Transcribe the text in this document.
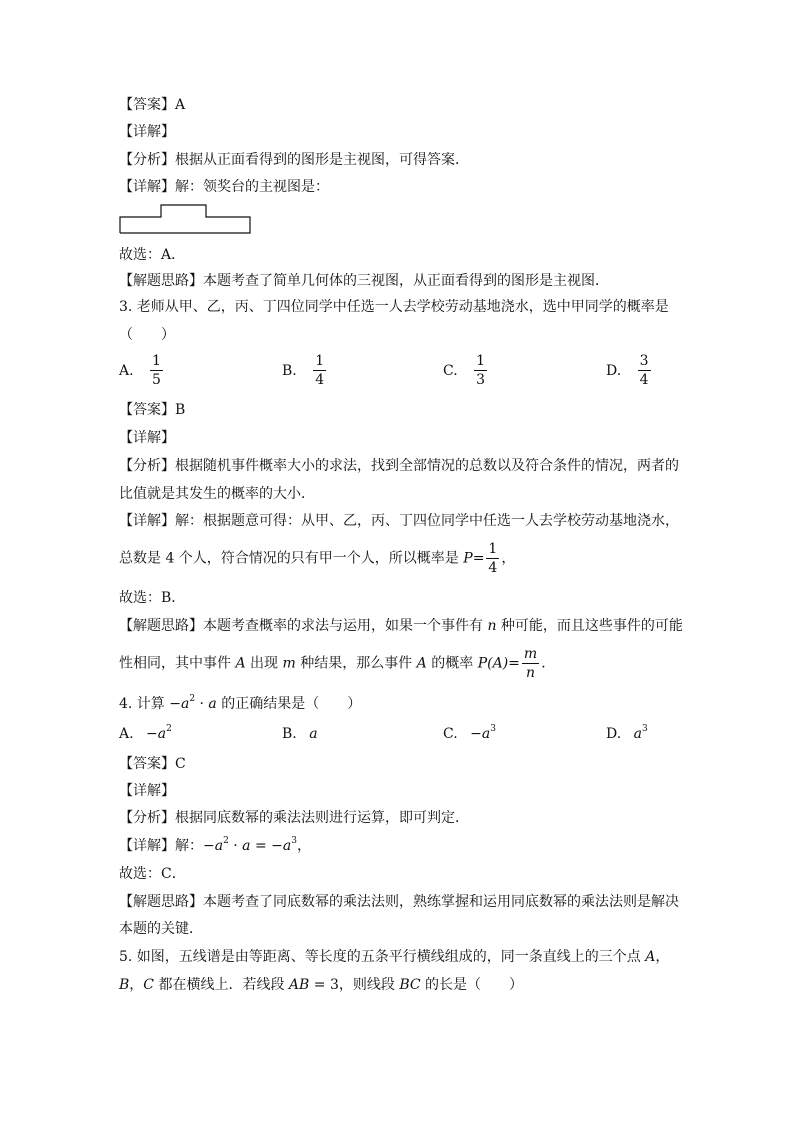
【答案】A
【详解】
【分析】根据从正面看得到的图形是主视图，可得答案．
【详解】解：领奖台的主视图是：
故选：A．
【解题思路】本题考查了简单几何体的三视图，从正面看得到的图形是主视图．
3. 老师从甲、乙，丙、丁四位同学中任选一人去学校劳动基地浇水，选中甲同学的概率是
（　　）
A. $\frac{1}{5}$	B. $\frac{1}{4}$	C. $\frac{1}{3}$	D. $\frac{3}{4}$
【答案】B
【详解】
【分析】根据随机事件概率大小的求法，找到全部情况的总数以及符合条件的情况，两者的
比值就是其发生的概率的大小．
【详解】解：根据题意可得：从甲、乙，丙、丁四位同学中任选一人去学校劳动基地浇水，
总数是 4 个人，符合情况的只有甲一个人，所以概率是 $P= \frac{1}{4}$ ，
故选：B．
【解题思路】本题考查概率的求法与运用，如果一个事件有 n 种可能，而且这些事件的可能
性相同，其中事件 A 出现 m 种结果，那么事件 A 的概率 $P(A)= \frac{m}{n}$ ．
4. 计算 $-a^2 \cdot a$ 的正确结果是（　　）
A. $-a^2$	B. a	C. $-a^3$	D. $a^3$
【答案】C
【详解】
【分析】根据同底数幂的乘法法则进行运算，即可判定．
【详解】解：$-a^2 \cdot a = -a^3$，
故选：C．
【解题思路】本题考查了同底数幂的乘法法则，熟练掌握和运用同底数幂的乘法法则是解决
本题的关键．
5. 如图，五线谱是由等距离、等长度的五条平行横线组成的，同一条直线上的三个点 A，
B，C 都在横线上．若线段 AB = 3，则线段 BC 的长是（　　）
